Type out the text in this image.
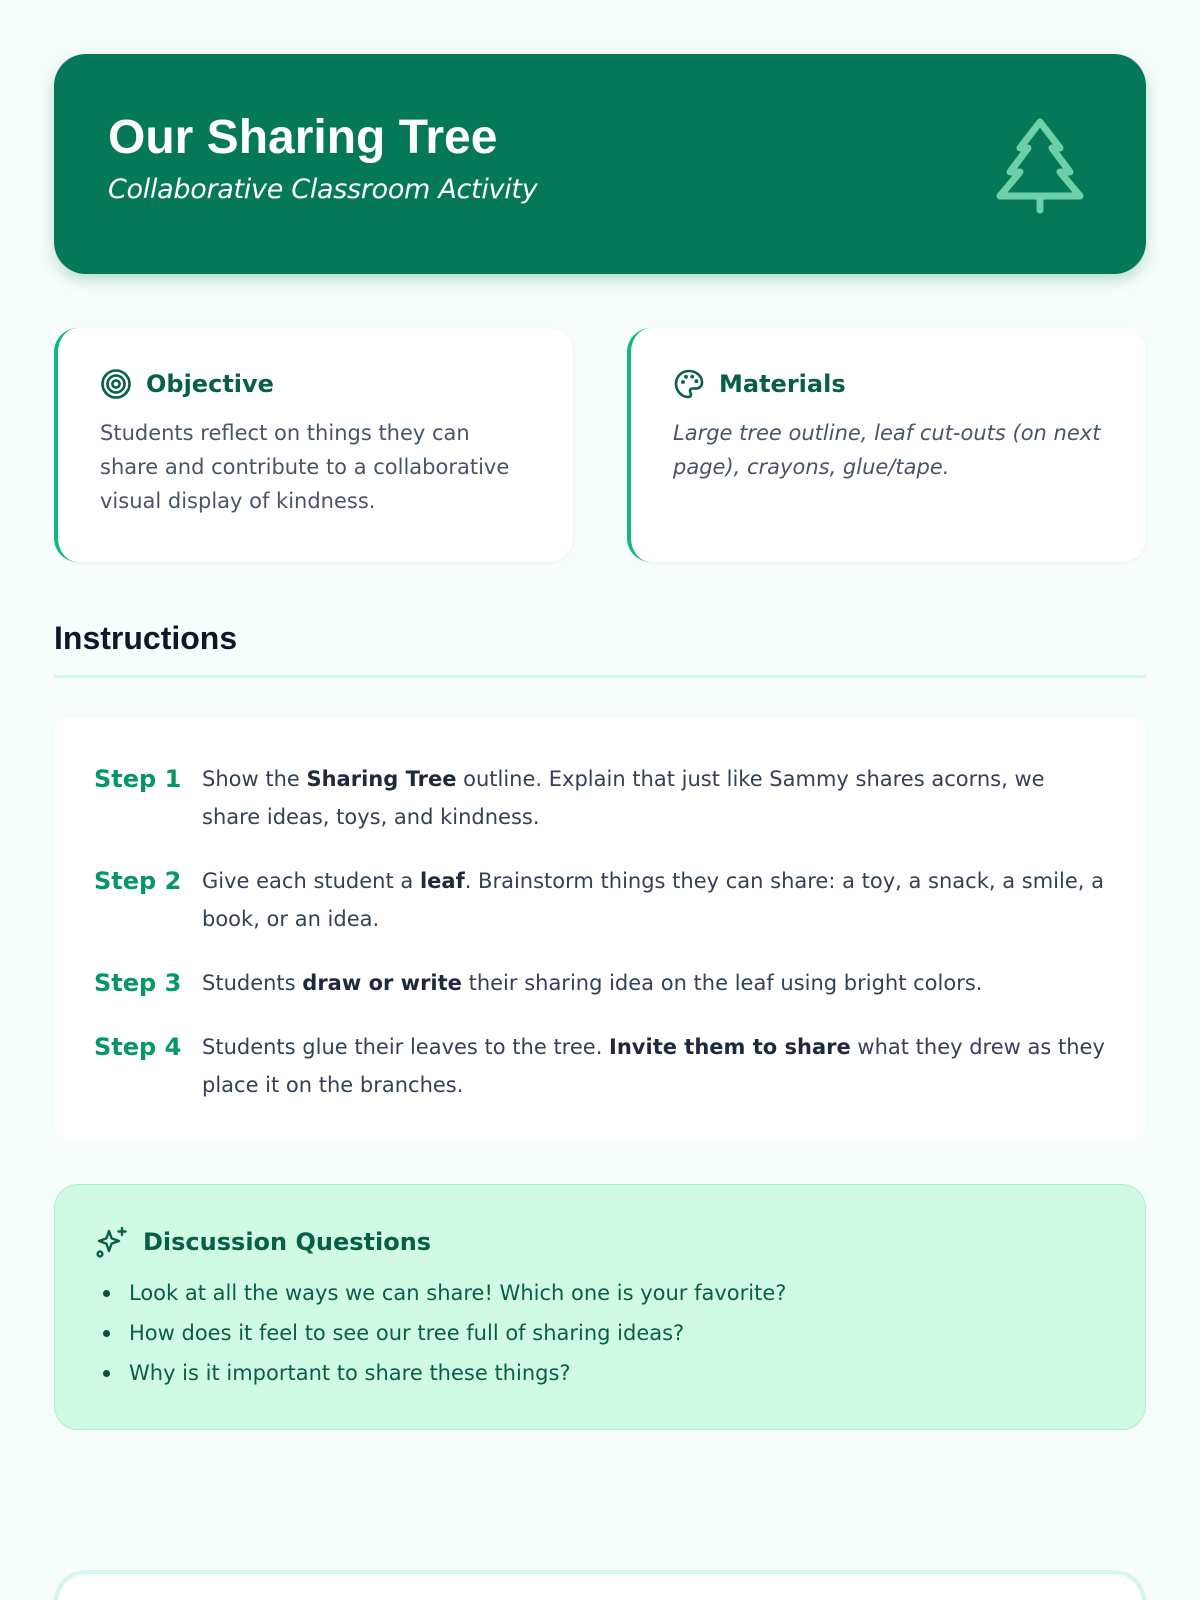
Our Sharing Tree
Collaborative Classroom Activity
Objective

Students reflect on things they can share and contribute to a collaborative visual display of kindness.

Materials

Large tree outline, leaf cut-outs (on next page), crayons, glue/tape.

Instructions
Step 1 Show the Sharing Tree outline. Explain that just like Sammy shares acorns, we share ideas, toys, and kindness.

Step 2 Give each student a leaf. Brainstorm things they can share: a toy, a snack, a smile, a book, or an idea.

Step 3 Students draw or write their sharing idea on the leaf using bright colors.

Step 4 Students glue their leaves to the tree. Invite them to share what they drew as they place it on the branches.

Discussion Questions
Look at all the ways we can share! Which one is your favorite?
How does it feel to see our tree full of sharing ideas?
Why is it important to share these things?
